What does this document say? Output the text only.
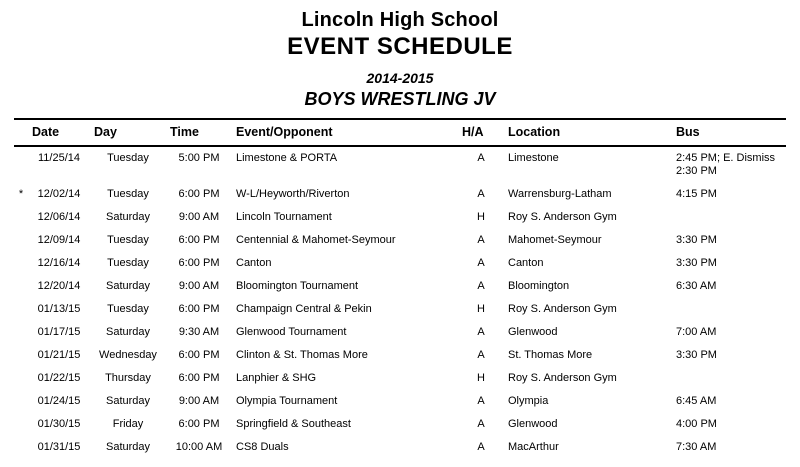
Lincoln High School
EVENT SCHEDULE
2014-2015
BOYS WRESTLING JV
	Date	Day	Time	Event/Opponent	H/A	Location	Bus
	11/25/14	Tuesday	5:00 PM	Limestone & PORTA	A	Limestone	2:45 PM; E. Dismiss 2:30 PM
*	12/02/14	Tuesday	6:00 PM	W-L/Heyworth/Riverton	A	Warrensburg-Latham	4:15 PM
	12/06/14	Saturday	9:00 AM	Lincoln Tournament	H	Roy S. Anderson Gym	
	12/09/14	Tuesday	6:00 PM	Centennial & Mahomet-Seymour	A	Mahomet-Seymour	3:30 PM
	12/16/14	Tuesday	6:00 PM	Canton	A	Canton	3:30 PM
	12/20/14	Saturday	9:00 AM	Bloomington Tournament	A	Bloomington	6:30 AM
	01/13/15	Tuesday	6:00 PM	Champaign Central & Pekin	H	Roy S. Anderson Gym	
	01/17/15	Saturday	9:30 AM	Glenwood Tournament	A	Glenwood	7:00 AM
	01/21/15	Wednesday	6:00 PM	Clinton & St. Thomas More	A	St. Thomas More	3:30 PM
	01/22/15	Thursday	6:00 PM	Lanphier & SHG	H	Roy S. Anderson Gym	
	01/24/15	Saturday	9:00 AM	Olympia Tournament	A	Olympia	6:45 AM
	01/30/15	Friday	6:00 PM	Springfield & Southeast	A	Glenwood	4:00 PM
	01/31/15	Saturday	10:00 AM	CS8 Duals	A	MacArthur	7:30 AM
